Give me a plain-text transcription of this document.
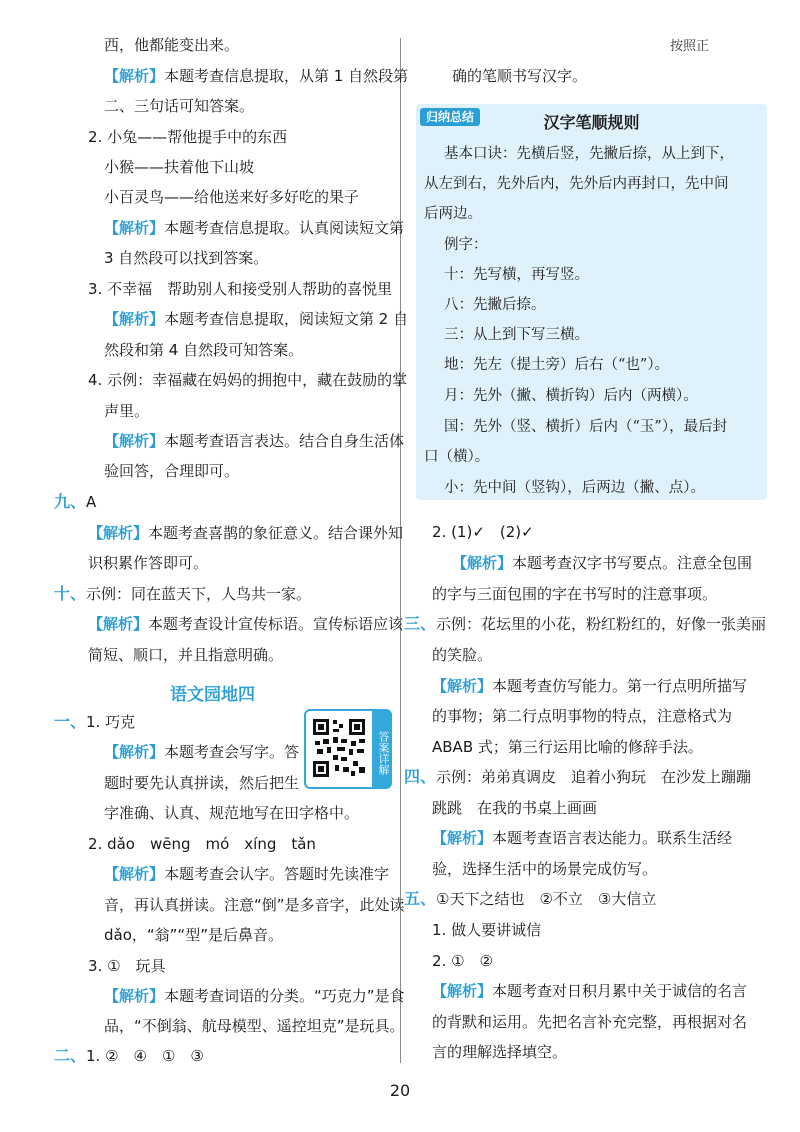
西，他都能变出来。
【解析】本题考查信息提取，从第 1 自然段第
二、三句话可知答案。
2. 小兔——帮他提手中的东西
小猴——扶着他下山坡
小百灵鸟——给他送来好多好吃的果子
【解析】本题考查信息提取。认真阅读短文第
3 自然段可以找到答案。
3. 不幸福　帮助别人和接受别人帮助的喜悦里
【解析】本题考查信息提取，阅读短文第 2 自
然段和第 4 自然段可知答案。
4. 示例：幸福藏在妈妈的拥抱中，藏在鼓励的掌
声里。
【解析】本题考查语言表达。结合自身生活体
验回答，合理即可。
九、A
【解析】本题考查喜鹊的象征意义。结合课外知
识积累作答即可。
十、示例：同在蓝天下，人鸟共一家。
【解析】本题考查设计宣传标语。宣传标语应该
简短、顺口，并且指意明确。
语文园地四
一、1. 巧克
【解析】本题考查会写字。答
题时要先认真拼读，然后把生
字准确、认真、规范地写在田字格中。
2. dǎo　wēng　mó　xíng　tǎn
【解析】本题考查会认字。答题时先读准字
音，再认真拼读。注意“倒”是多音字，此处读
dǎo，“翁”“型”是后鼻音。
3. ①　玩具
【解析】本题考查词语的分类。“巧克力”是食
品，“不倒翁、航母模型、遥控坦克”是玩具。
二、1. ②　④　①　③
答案详解
按照正
确的笔顺书写汉字。
2. (1)✓　(2)✓
【解析】本题考查汉字书写要点。注意全包围
的字与三面包围的字在书写时的注意事项。
三、示例：花坛里的小花，粉红粉红的，好像一张美丽
的笑脸。
【解析】本题考查仿写能力。第一行点明所描写
的事物；第二行点明事物的特点，注意格式为
ABAB 式；第三行运用比喻的修辞手法。
四、示例：弟弟真调皮　追着小狗玩　在沙发上蹦蹦
跳跳　在我的书桌上画画
【解析】本题考查语言表达能力。联系生活经
验，选择生活中的场景完成仿写。
五、①天下之结也　②不立　③大信立
1. 做人要讲诚信
2. ①　②
【解析】本题考查对日积月累中关于诚信的名言
的背默和运用。先把名言补充完整，再根据对名
言的理解选择填空。
归纳总结	汉字笔顺规则
基本口诀：先横后竖，先撇后捺，从上到下，
从左到右，先外后内，先外后内再封口，先中间
后两边。
例字：
十：先写横，再写竖。
八：先撇后捺。
三：从上到下写三横。
地：先左（提土旁）后右（“也”）。
月：先外（撇、横折钩）后内（两横）。
国：先外（竖、横折）后内（“玉”），最后封
口（横）。
小：先中间（竖钩），后两边（撇、点）。
20
